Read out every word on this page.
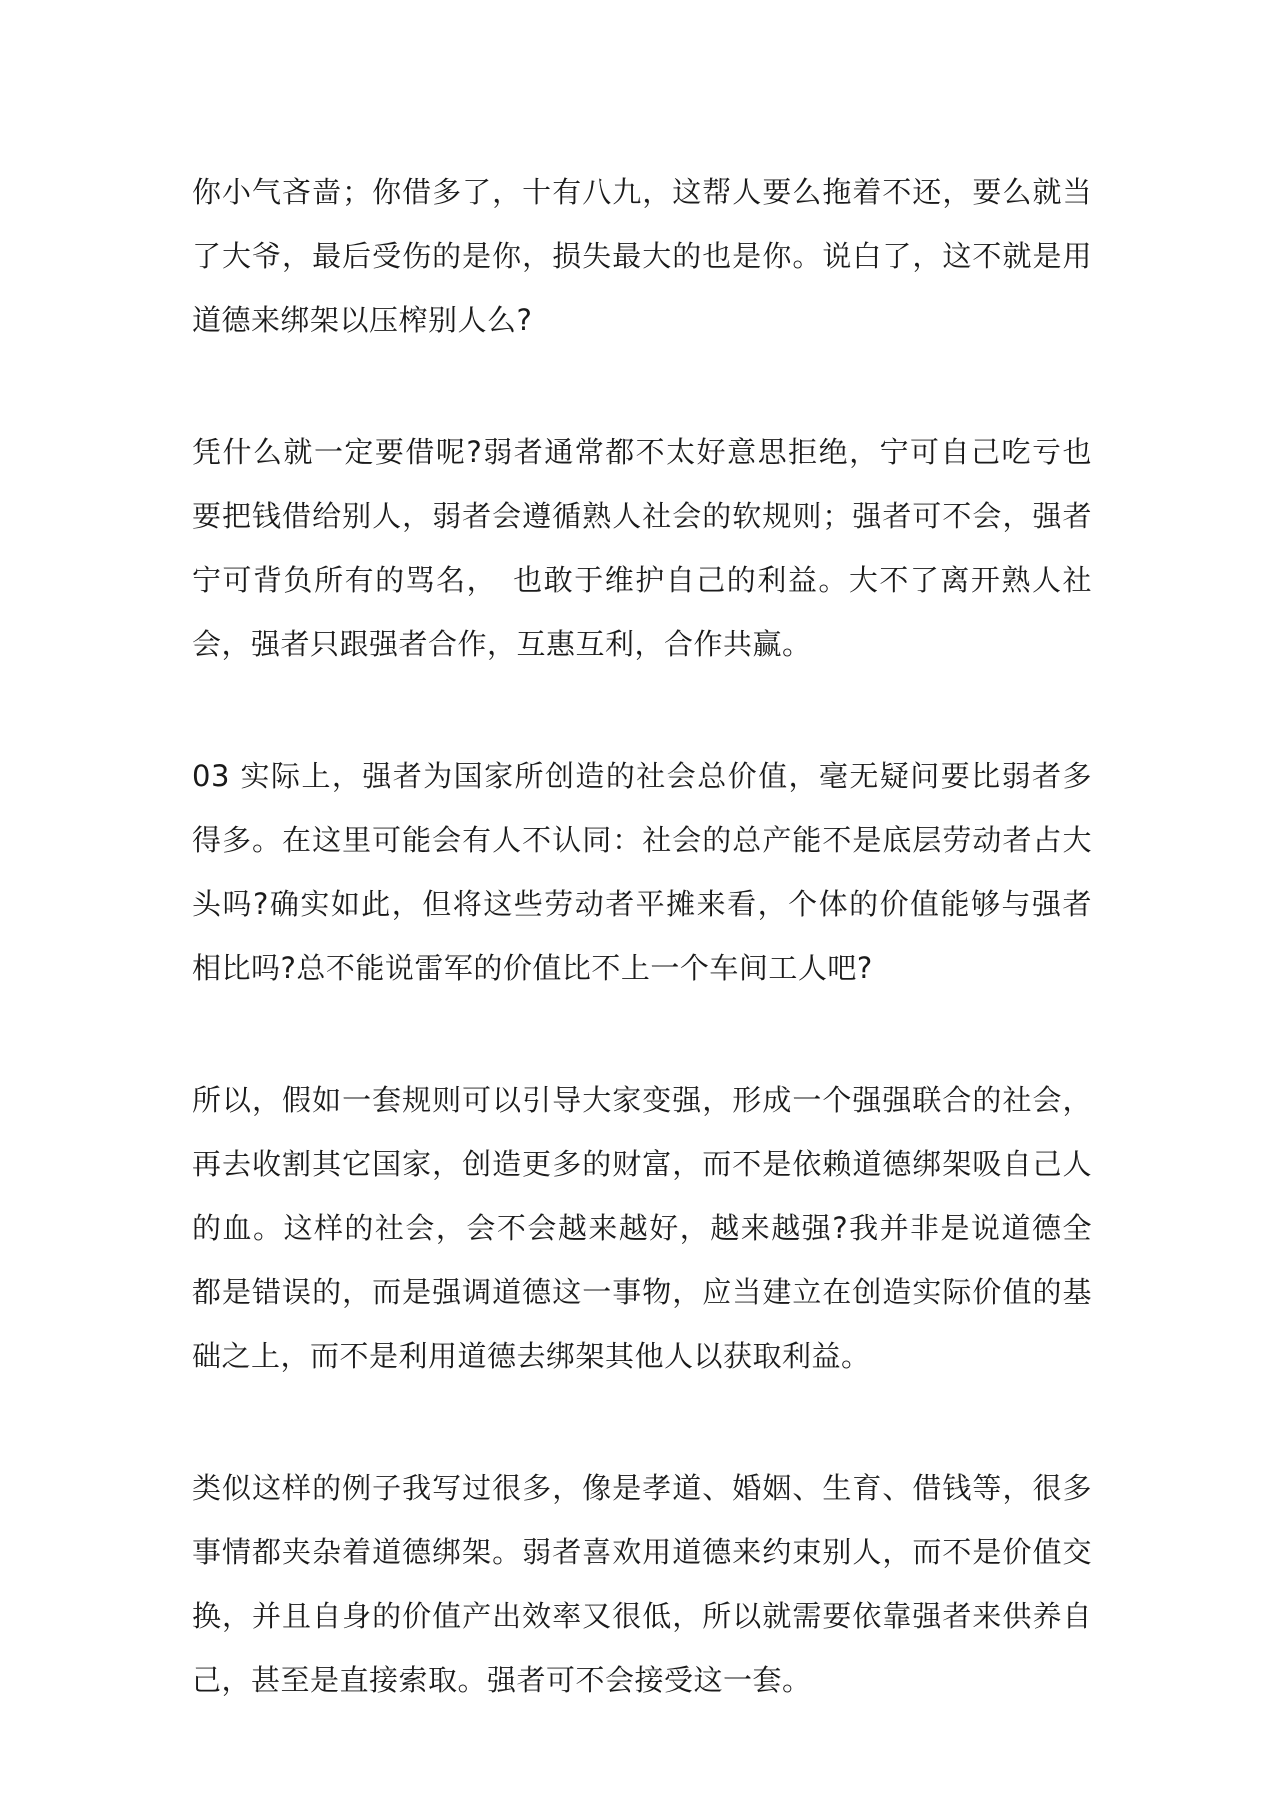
你小气吝啬；你借多了，十有八九，这帮人要么拖着不还，要么就当了大爷，最后受伤的是你，损失最大的也是你。说白了，这不就是用道德来绑架以压榨别人么?

凭什么就一定要借呢?弱者通常都不太好意思拒绝，宁可自己吃亏也要把钱借给别人，弱者会遵循熟人社会的软规则；强者可不会，强者宁可背负所有的骂名，　也敢于维护自己的利益。大不了离开熟人社会，强者只跟强者合作，互惠互利，合作共赢。

03 实际上，强者为国家所创造的社会总价值，毫无疑问要比弱者多得多。在这里可能会有人不认同：社会的总产能不是底层劳动者占大头吗?确实如此，但将这些劳动者平摊来看，个体的价值能够与强者相比吗?总不能说雷军的价值比不上一个车间工人吧?

所以，假如一套规则可以引导大家变强，形成一个强强联合的社会，再去收割其它国家，创造更多的财富，而不是依赖道德绑架吸自己人的血。这样的社会，会不会越来越好，越来越强?我并非是说道德全都是错误的，而是强调道德这一事物，应当建立在创造实际价值的基础之上，而不是利用道德去绑架其他人以获取利益。

类似这样的例子我写过很多，像是孝道、婚姻、生育、借钱等，很多事情都夹杂着道德绑架。弱者喜欢用道德来约束别人，而不是价值交换，并且自身的价值产出效率又很低，所以就需要依靠强者来供养自己，甚至是直接索取。强者可不会接受这一套。
